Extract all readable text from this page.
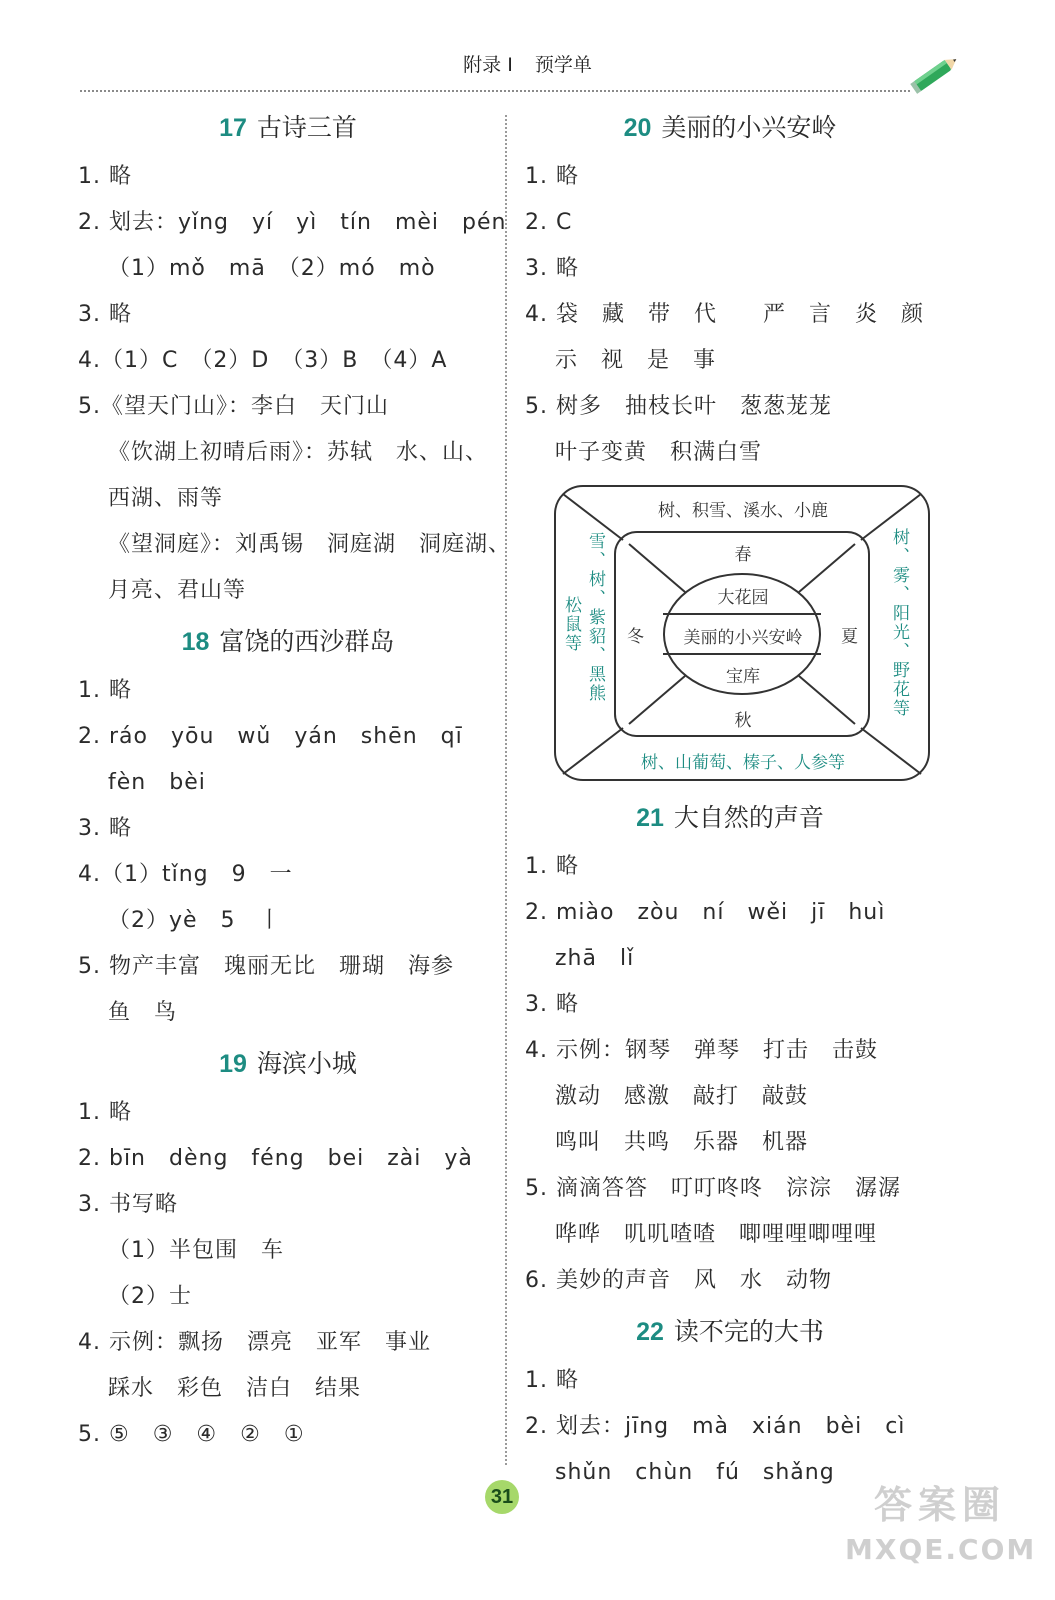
附录 I 预学单
17 古诗三首
1. 略
2. 划去：yǐng　yí　yì　tín　mèi　pén
（1）mǒ　mā　（2）mó　mò
3. 略
4.（1）C　（2）D　（3）B　（4）A
5.《望天门山》：李白　天门山
《饮湖上初晴后雨》：苏轼　水、山、
西湖、雨等
《望洞庭》：刘禹锡　洞庭湖　洞庭湖、
月亮、君山等
18 富饶的西沙群岛
1. 略
2. ráo　yōu　wǔ　yán　shēn　qī
fèn　bèi
3. 略
4.（1）tǐng　9　一
（2）yè　5　丨
5. 物产丰富　瑰丽无比　珊瑚　海参
鱼　鸟
19 海滨小城
1. 略
2. bīn　dèng　féng　bei　zài　yà
3. 书写略
（1）半包围　车
（2）士
4. 示例：飘扬　漂亮　亚军　事业
踩水　彩色　洁白　结果
5. ⑤　③　④　②　①
20 美丽的小兴安岭
1. 略
2. C
3. 略
4. 袋　藏　带　代　　严　言　炎　颜
示　视　是　事
5. 树多　抽枝长叶　葱葱茏茏
叶子变黄　积满白雪
树、积雪、溪水、小鹿
春
大花园
美丽的小兴安岭
宝库
秋
树、山葡萄、榛子、人参等
冬	夏
雪、树、紫貂、黑熊
松鼠等	树、雾、阳光、野花等
21 大自然的声音
1. 略
2. miào　zòu　ní　wěi　jī　huì
zhā　lǐ
3. 略
4. 示例：钢琴　弹琴　打击　击鼓
激动　感激　敲打　敲鼓
鸣叫　共鸣　乐器　机器
5. 滴滴答答　叮叮咚咚　淙淙　潺潺
哗哗　叽叽喳喳　唧哩哩唧哩哩
6. 美妙的声音　风　水　动物
22 读不完的大书
1. 略
2. 划去：jīng　mà　xián　bèi　cì
shǔn　chùn　fú　shǎng
31	答案圈
MXQE.COM
